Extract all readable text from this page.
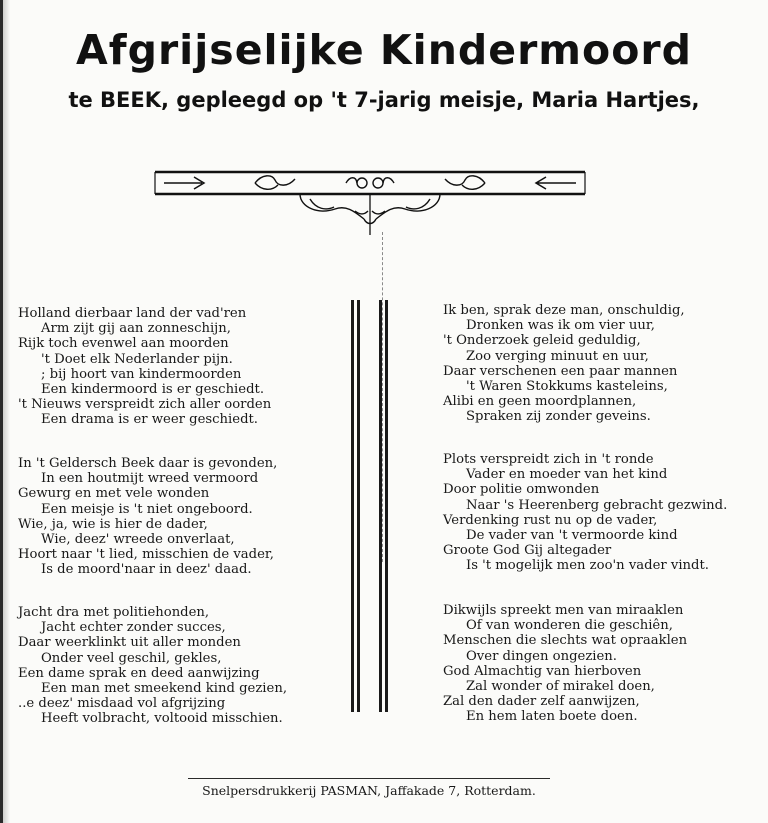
Afgrijselijke Kindermoord
te BEEK, gepleegd op 't 7-jarig meisje, Maria Hartjes,
Holland dierbaar land der vad'ren
Arm zijt gij aan zonneschijn,
Rijk toch evenwel aan moorden
't Doet elk Nederlander pijn.
; bij hoort van kindermoorden
Een kindermoord is er geschiedt.
't Nieuws verspreidt zich aller oorden
Een drama is er weer geschiedt.
In 't Geldersch Beek daar is gevonden,
In een houtmijt wreed vermoord
Gewurg en met vele wonden
Een meisje is 't niet ongeboord.
Wie, ja, wie is hier de dader,
Wie, deez' wreede onverlaat,
Hoort naar 't lied, misschien de vader,
Is de moord'naar in deez' daad.
Jacht dra met politiehonden,
Jacht echter zonder succes,
Daar weerklinkt uit aller monden
Onder veel geschil, gekles,
Een dame sprak en deed aanwijzing
Een man met smeekend kind gezien,
..e deez' misdaad vol afgrijzing
Heeft volbracht, voltooid misschien.
Ik ben, sprak deze man, onschuldig,
Dronken was ik om vier uur,
't Onderzoek geleid geduldig,
Zoo verging minuut en uur,
Daar verschenen een paar mannen
't Waren Stokkums kasteleins,
Alibi en geen moordplannen,
Spraken zij zonder geveins.
Plots verspreidt zich in 't ronde
Vader en moeder van het kind
Door politie omwonden
Naar 's Heerenberg gebracht gezwind.
Verdenking rust nu op de vader,
De vader van 't vermoorde kind
Groote God Gij altegader
Is 't mogelijk men zoo'n vader vindt.
Dikwijls spreekt men van miraaklen
Of van wonderen die geschiên,
Menschen die slechts wat opraaklen
Over dingen ongezien.
God Almachtig van hierboven
Zal wonder of mirakel doen,
Zal den dader zelf aanwijzen,
En hem laten boete doen.
Snelpersdrukkerij PASMAN, Jaffakade 7, Rotterdam.
